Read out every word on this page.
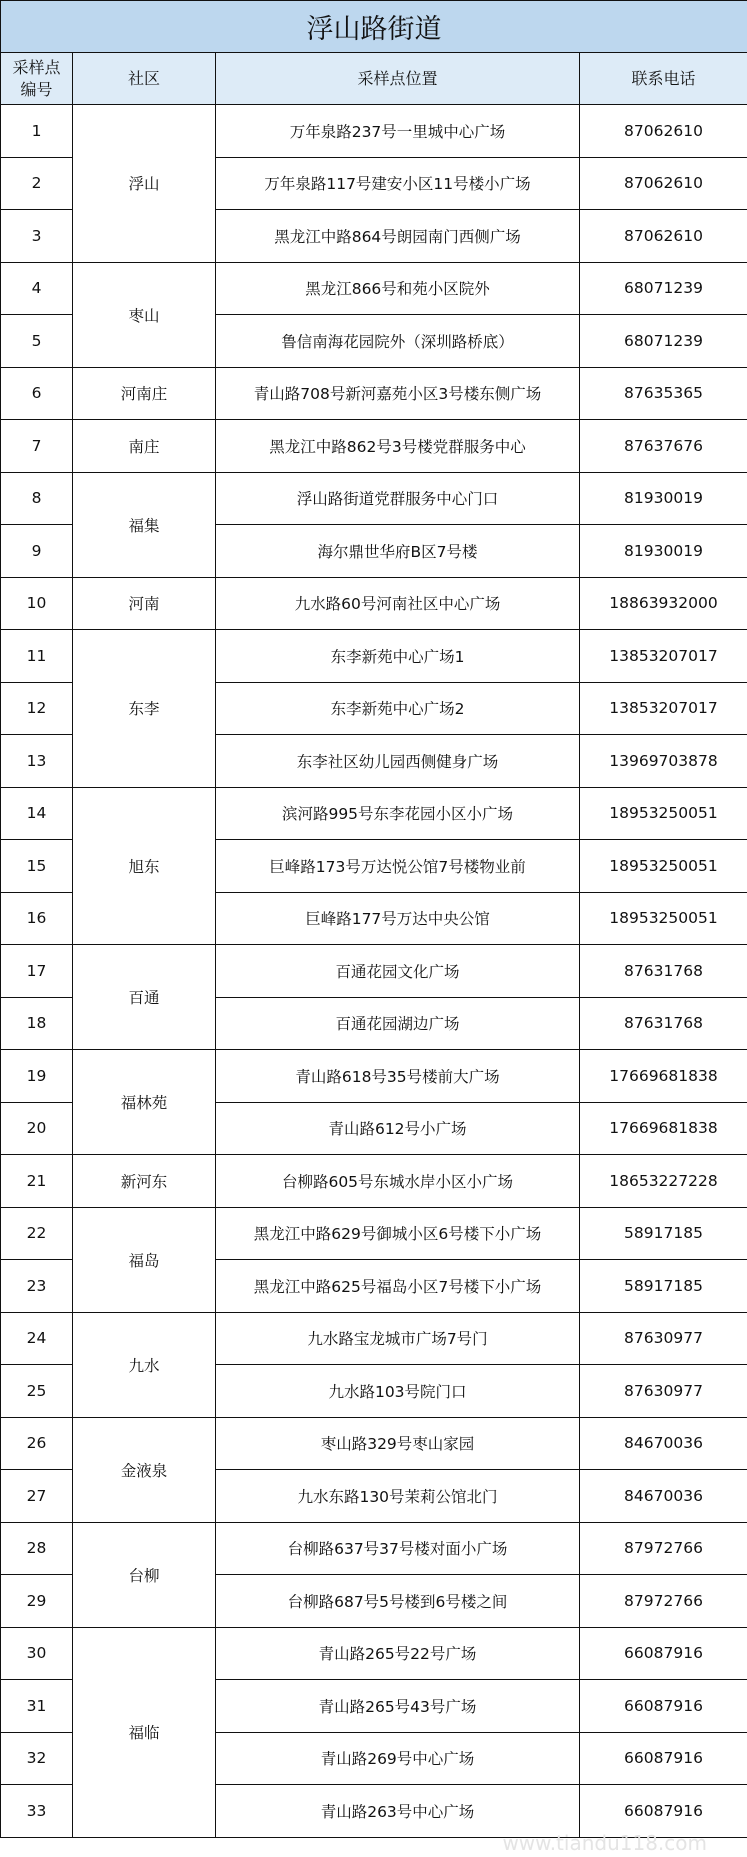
浮山路街道			
采样点编号	社区	采样点位置	联系电话
1	浮山	万年泉路237号一里城中心广场	87062610
2		万年泉路117号建安小区11号楼小广场	87062610
3		黑龙江中路864号朗园南门西侧广场	87062610
4	枣山	黑龙江866号和苑小区院外	68071239
5		鲁信南海花园院外（深圳路桥底）	68071239
6	河南庄	青山路708号新河嘉苑小区3号楼东侧广场	87635365
7	南庄	黑龙江中路862号3号楼党群服务中心	87637676
8	福集	浮山路街道党群服务中心门口	81930019
9		海尔鼎世华府B区7号楼	81930019
10	河南	九水路60号河南社区中心广场	18863932000
11	东李	东李新苑中心广场1	13853207017
12		东李新苑中心广场2	13853207017
13		东李社区幼儿园西侧健身广场	13969703878
14	旭东	滨河路995号东李花园小区小广场	18953250051
15		巨峰路173号万达悦公馆7号楼物业前	18953250051
16		巨峰路177号万达中央公馆	18953250051
17	百通	百通花园文化广场	87631768
18		百通花园湖边广场	87631768
19	福林苑	青山路618号35号楼前大广场	17669681838
20		青山路612号小广场	17669681838
21	新河东	台柳路605号东城水岸小区小广场	18653227228
22	福岛	黑龙江中路629号御城小区6号楼下小广场	58917185
23		黑龙江中路625号福岛小区7号楼下小广场	58917185
24	九水	九水路宝龙城市广场7号门	87630977
25		九水路103号院门口	87630977
26	金液泉	枣山路329号枣山家园	84670036
27		九水东路130号茉莉公馆北门	84670036
28	台柳	台柳路637号37号楼对面小广场	87972766
29		台柳路687号5号楼到6号楼之间	87972766
30	福临	青山路265号22号广场	66087916
31		青山路265号43号广场	66087916
32		青山路269号中心广场	66087916
33		青山路263号中心广场	66087916
www.tiandu118.com
